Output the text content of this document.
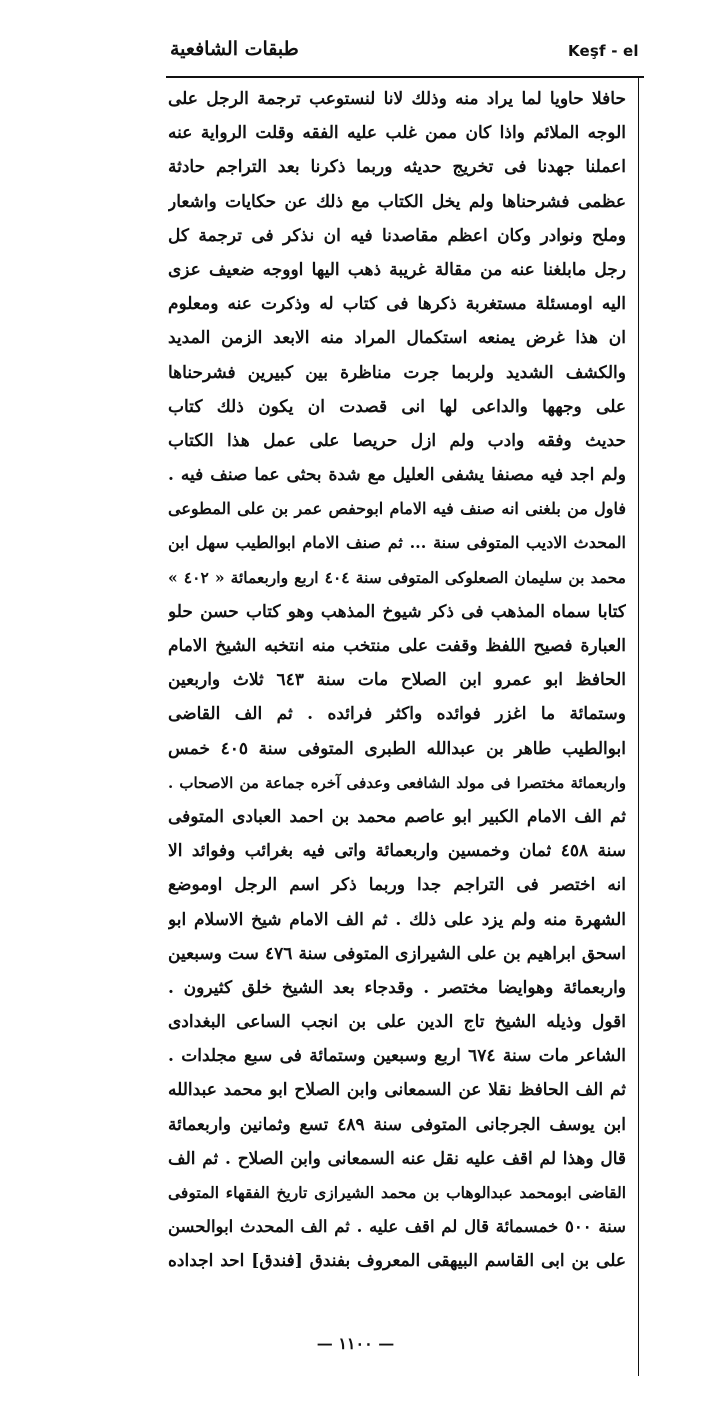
طبقات الشافعية	Keşf - el
حافلا حاويا لما يراد منه وذلك لانا لنستوعب ترجمة الرجل على
الوجه الملائم واذا كان ممن غلب عليه الفقه وقلت الرواية عنه
اعملنا جهدنا فى تخريج حديثه وربما ذكرنا بعد التراجم حادثة
عظمى فشرحناها ولم يخل الكتاب مع ذلك عن حكايات واشعار
وملح ونوادر وكان اعظم مقاصدنا فيه ان نذكر فى ترجمة كل
رجل مابلغنا عنه من مقالة غريبة ذهب اليها اووجه ضعيف عزى
اليه اومسئلة مستغربة ذكرها فى كتاب له وذكرت عنه ومعلوم
ان هذا غرض يمنعه استكمال المراد منه الابعد الزمن المديد
والكشف الشديد ولربما جرت مناظرة بين كبيرين فشرحناها
على وجهها والداعى لها انى قصدت ان يكون ذلك كتاب
حديث وفقه وادب ولم ازل حريصا على عمل هذا الكتاب
ولم اجد فيه مصنفا يشفى العليل مع شدة بحثى عما صنف فيه .
فاول من بلغنى انه صنف فيه الامام ابوحفص عمر بن على المطوعى
المحدث الاديب المتوفى سنة ... ثم صنف الامام ابوالطيب سهل ابن
محمد بن سليمان الصعلوكى المتوفى سنة ٤٠٤ اربع واربعمائة « ٤٠٢ »
كتابا سماه المذهب فى ذكر شيوخ المذهب وهو كتاب حسن حلو
العبارة فصيح اللفظ وقفت على منتخب منه انتخبه الشيخ الامام
الحافظ ابو عمرو ابن الصلاح مات سنة ٦٤٣ ثلاث واربعين
وستمائة ما اغزر فوائده واكثر فرائده . ثم الف القاضى
ابوالطيب طاهر بن عبدالله الطبرى المتوفى سنة ٤٠٥ خمس
واربعمائة مختصرا فى مولد الشافعى وعدفى آخره جماعة من الاصحاب .
ثم الف الامام الكبير ابو عاصم محمد بن احمد العبادى المتوفى
سنة ٤٥٨ ثمان وخمسين واربعمائة واتى فيه بغرائب وفوائد الا
انه اختصر فى التراجم جدا وربما ذكر اسم الرجل اوموضع
الشهرة منه ولم يزد على ذلك . ثم الف الامام شيخ الاسلام ابو
اسحق ابراهيم بن على الشيرازى المتوفى سنة ٤٧٦ ست وسبعين
واربعمائة وهوايضا مختصر . وقدجاء بعد الشيخ خلق كثيرون .
اقول وذيله الشيخ تاج الدين على بن انجب الساعى البغدادى
الشاعر مات سنة ٦٧٤ اربع وسبعين وستمائة فى سبع مجلدات .
ثم الف الحافظ نقلا عن السمعانى وابن الصلاح ابو محمد عبدالله
ابن يوسف الجرجانى المتوفى سنة ٤٨٩ تسع وثمانين واربعمائة
قال وهذا لم اقف عليه نقل عنه السمعانى وابن الصلاح . ثم الف
القاضى ابومحمد عبدالوهاب بن محمد الشيرازى تاريخ الفقهاء المتوفى
سنة ٥٠٠ خمسمائة قال لم اقف عليه . ثم الف المحدث ابوالحسن
على بن ابى القاسم البيهقى المعروف بفندق [فندق] احد اجداده
— ١١٠٠ —
